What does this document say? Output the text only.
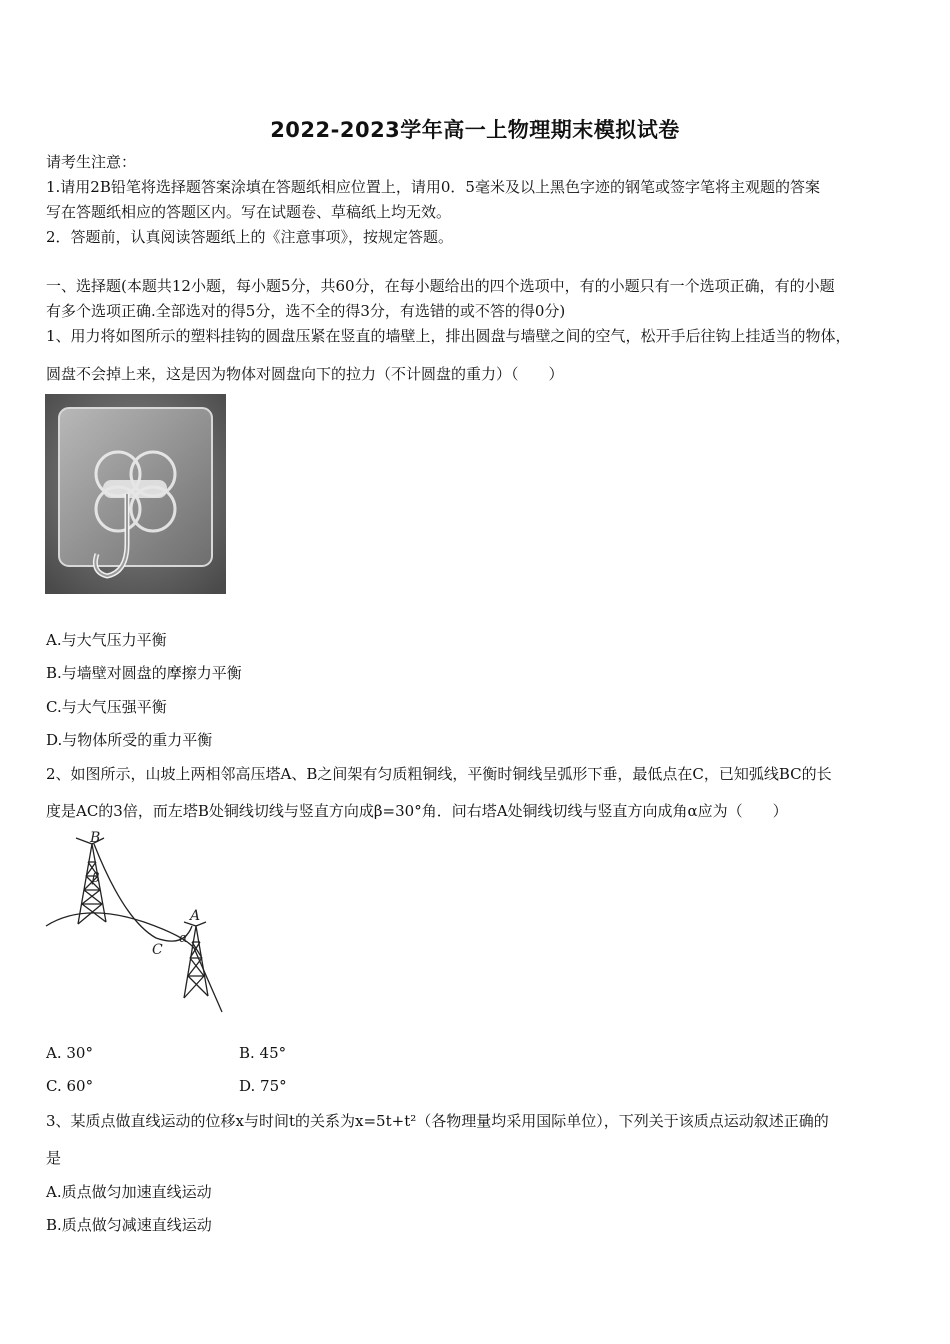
2022-2023学年高一上物理期末模拟试卷
请考生注意：
1.请用2B铅笔将选择题答案涂填在答题纸相应位置上，请用0．5毫米及以上黑色字迹的钢笔或签字笔将主观题的答案
写在答题纸相应的答题区内。写在试题卷、草稿纸上均无效。
2．答题前，认真阅读答题纸上的《注意事项》，按规定答题。
一、选择题(本题共12小题，每小题5分，共60分，在每小题给出的四个选项中，有的小题只有一个选项正确，有的小题
有多个选项正确.全部选对的得5分，选不全的得3分，有选错的或不答的得0分)
1、用力将如图所示的塑料挂钩的圆盘压紧在竖直的墙壁上，排出圆盘与墙壁之间的空气，松开手后往钩上挂适当的物体，
圆盘不会掉上来，这是因为物体对圆盘向下的拉力（不计圆盘的重力）（　　）
A.与大气压力平衡
B.与墙壁对圆盘的摩擦力平衡
C.与大气压强平衡
D.与物体所受的重力平衡
2、如图所示，山坡上两相邻高压塔A、B之间架有匀质粗铜线，平衡时铜线呈弧形下垂，最低点在C，已知弧线BC的长
度是AC的3倍，而左塔B处铜线切线与竖直方向成β=30°角．问右塔A处铜线切线与竖直方向成角α应为（　　）
B
β
A
α
C
A. 30°	B. 45°
C. 60°	D. 75°
3、某质点做直线运动的位移x与时间t的关系为x=5t+t²（各物理量均采用国际单位），下列关于该质点运动叙述正确的
是
A.质点做匀加速直线运动
B.质点做匀减速直线运动
